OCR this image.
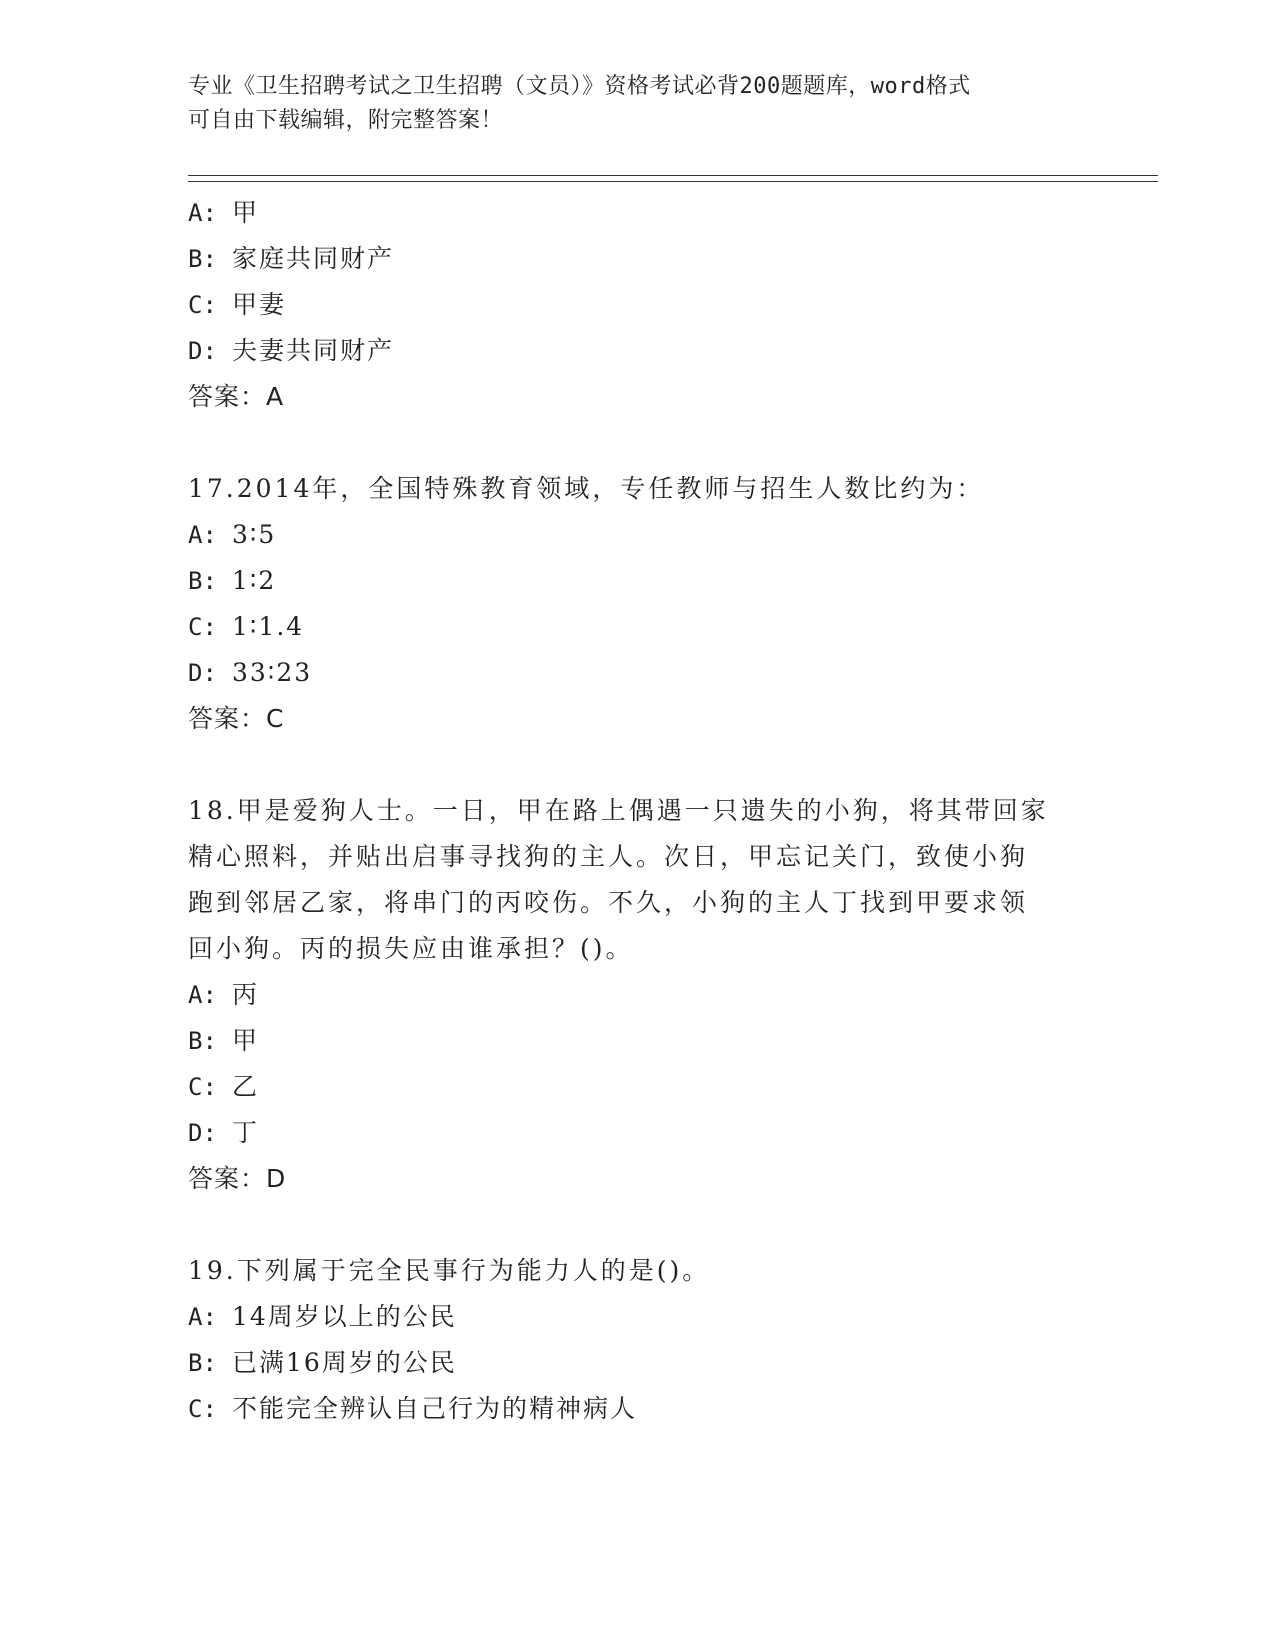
专业《卫生招聘考试之卫生招聘（文员）》资格考试必背200题题库，word格式
可自由下载编辑，附完整答案！
A: 甲
B: 家庭共同财产
C: 甲妻
D: 夫妻共同财产
答案：A
17.2014年，全国特殊教育领域，专任教师与招生人数比约为：
A: 3∶5
B: 1∶2
C: 1∶1.4
D: 33∶23
答案：C
18.甲是爱狗人士。一日，甲在路上偶遇一只遗失的小狗，将其带回家
精心照料，并贴出启事寻找狗的主人。次日，甲忘记关门，致使小狗
跑到邻居乙家，将串门的丙咬伤。不久，小狗的主人丁找到甲要求领
回小狗。丙的损失应由谁承担？()。
A: 丙
B: 甲
C: 乙
D: 丁
答案：D
19.下列属于完全民事行为能力人的是()。
A: 14周岁以上的公民
B: 已满16周岁的公民
C: 不能完全辨认自己行为的精神病人
